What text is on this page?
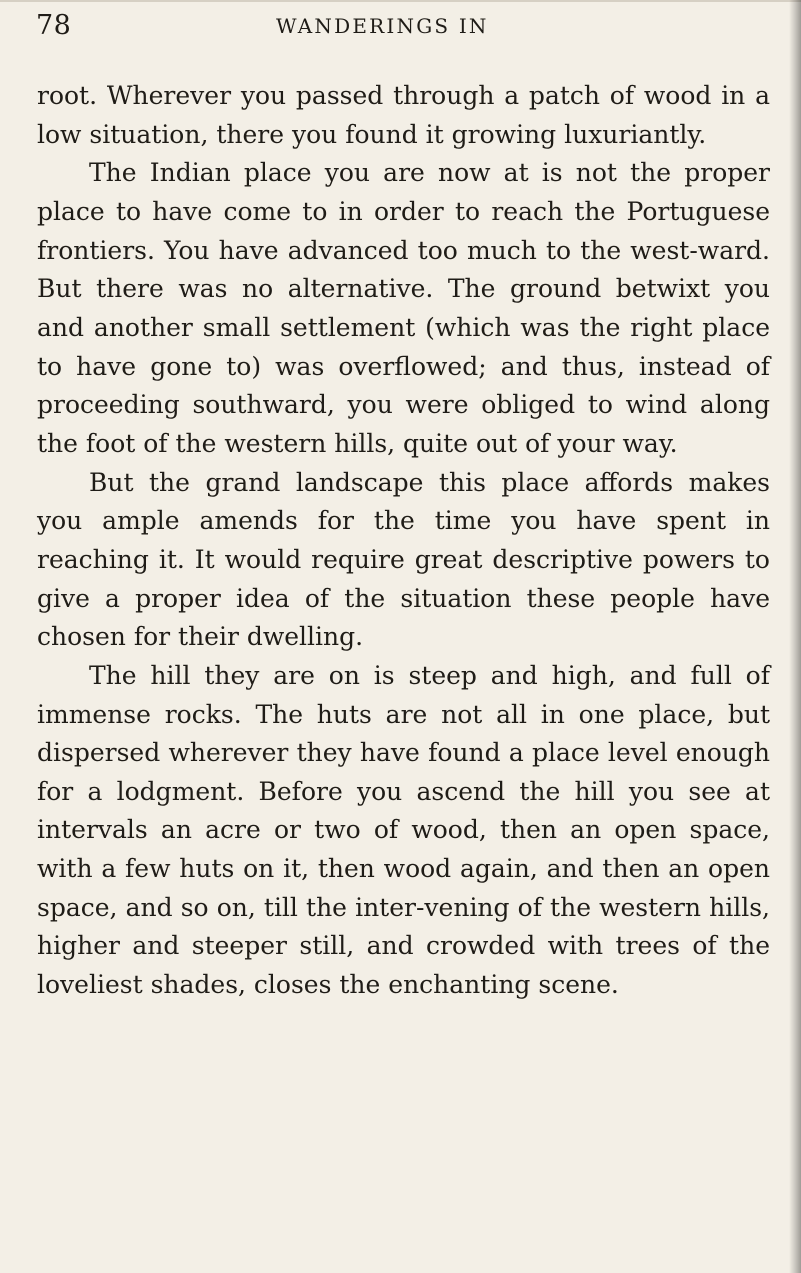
78	WANDERINGS IN

root. Wherever you passed through a patch of wood in a low situation, there you found it growing luxuriantly.

The Indian place you are now at is not the proper place to have come to in order to reach the Portuguese frontiers. You have advanced too much to the west-ward. But there was no alternative. The ground betwixt you and another small settlement (which was the right place to have gone to) was overflowed; and thus, instead of proceeding southward, you were obliged to wind along the foot of the western hills, quite out of your way.

But the grand landscape this place affords makes you ample amends for the time you have spent in reaching it. It would require great descriptive powers to give a proper idea of the situation these people have chosen for their dwelling.

The hill they are on is steep and high, and full of immense rocks. The huts are not all in one place, but dispersed wherever they have found a place level enough for a lodgment. Before you ascend the hill you see at intervals an acre or two of wood, then an open space, with a few huts on it, then wood again, and then an open space, and so on, till the inter-vening of the western hills, higher and steeper still, and crowded with trees of the loveliest shades, closes the enchanting scene.
